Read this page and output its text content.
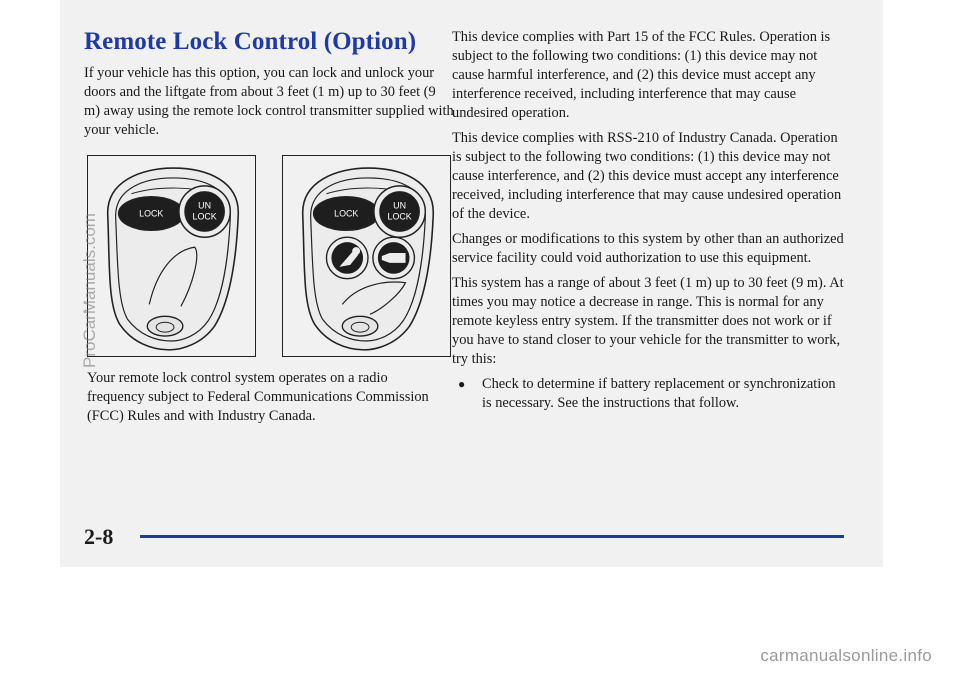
Remote Lock Control (Option)

If your vehicle has this option, you can lock and unlock your doors and the liftgate from about 3 feet (1 m) up to 30 feet (9 m) away using the remote lock control transmitter supplied with your vehicle.

LOCK
UN
LOCK	LOCK
UN
LOCK

Your remote lock control system operates on a radio frequency subject to Federal Communications Commission (FCC) Rules and with Industry Canada.

This device complies with Part 15 of the FCC Rules. Operation is subject to the following two conditions: (1) this device may not cause harmful interference, and (2) this device must accept any interference received, including interference that may cause undesired operation.

This device complies with RSS-210 of Industry Canada. Operation is subject to the following two conditions: (1) this device may not cause interference, and (2) this device must accept any interference received, including interference that may cause undesired operation of the device.

Changes or modifications to this system by other than an authorized service facility could void authorization to use this equipment.

This system has a range of about 3 feet (1 m) up to 30 feet (9 m). At times you may notice a decrease in range. This is normal for any remote keyless entry system. If the transmitter does not work or if you have to stand closer to your vehicle for the transmitter to work, try this:

●	Check to determine if battery replacement or synchronization is necessary. See the instructions that follow.
2-8
ProCarManuals.com
carmanualsonline.info
